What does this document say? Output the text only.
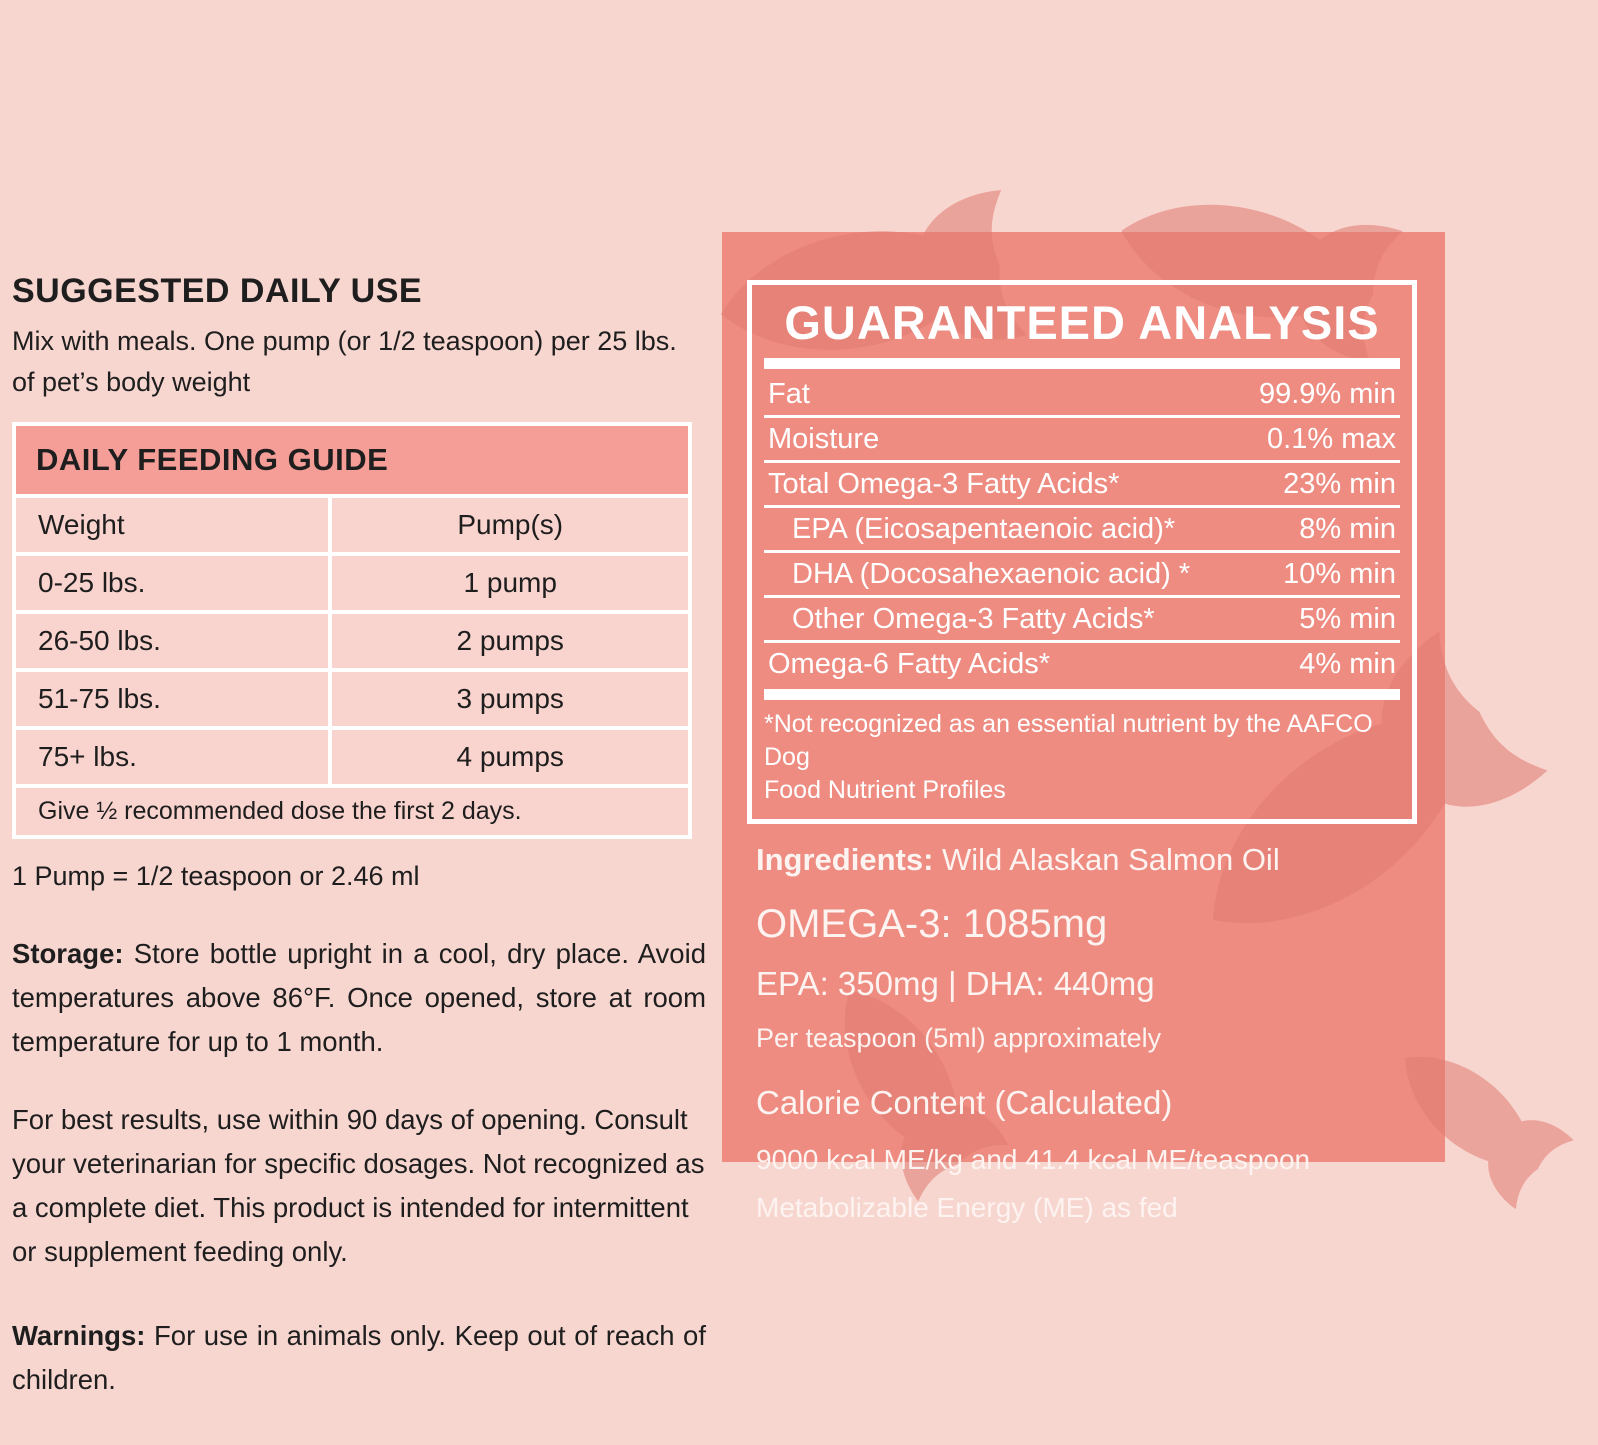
SUGGESTED DAILY USE
Mix with meals. One pump (or 1/2 teaspoon) per 25 lbs. of pet’s body weight
DAILY FEEDING GUIDE
Weight	Pump(s)
0-25 lbs.	1 pump
26-50 lbs.	2 pumps
51-75 lbs.	3 pumps
75+ lbs.	4 pumps
Give ½ recommended dose the first 2 days.
1 Pump = 1/2 teaspoon or 2.46 ml
Storage: Store bottle upright in a cool, dry place. Avoid temperatures above 86°F. Once opened, store at room temperature for up to 1 month.
For best results, use within 90 days of opening. Consult your veterinarian for specific dosages. Not recognized as a complete diet. This product is intended for intermittent or supplement feeding only.
Warnings: For use in animals only. Keep out of reach of children.
GUARANTEED ANALYSIS
Fat	99.9% min
Moisture	0.1% max
Total Omega-3 Fatty Acids*	23% min
EPA (Eicosapentaenoic acid)*	8% min
DHA (Docosahexaenoic acid) *	10% min
Other Omega-3 Fatty Acids*	5% min
Omega-6 Fatty Acids*	4% min
*Not recognized as an essential nutrient by the AAFCO Dog
Food Nutrient Profiles
Ingredients: Wild Alaskan Salmon Oil
OMEGA-3: 1085mg
EPA: 350mg | DHA: 440mg
Per teaspoon (5ml) approximately
Calorie Content (Calculated)
9000 kcal ME/kg and 41.4 kcal ME/teaspoon
Metabolizable Energy (ME) as fed
